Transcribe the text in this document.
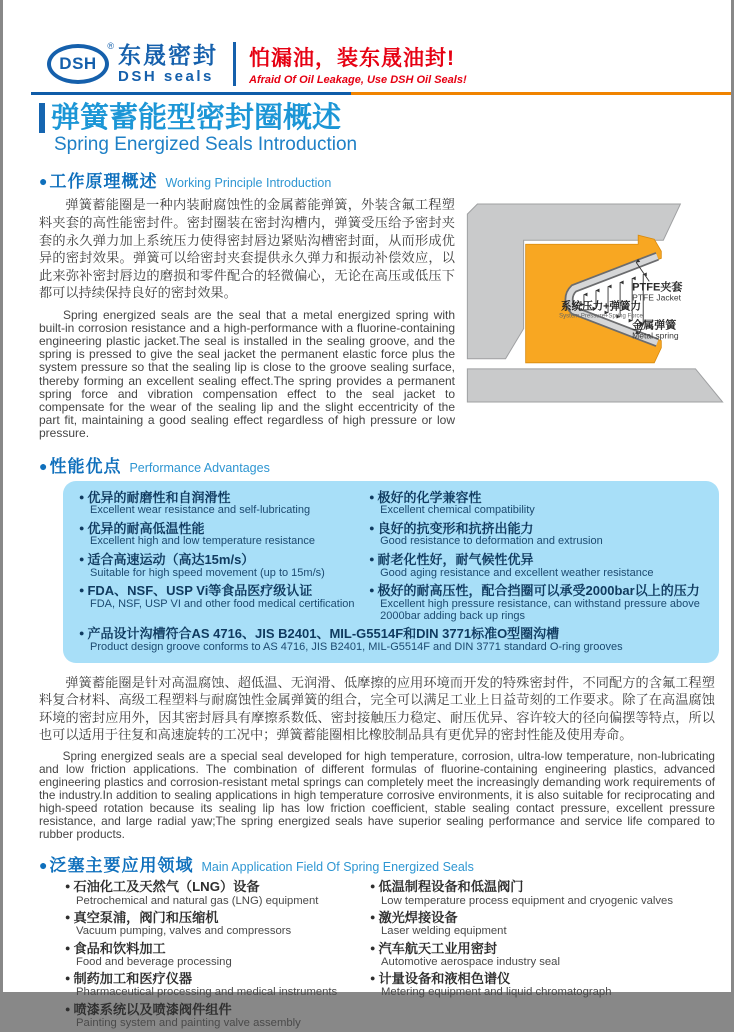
DSH
® 东晟密封
DSH seals
怕漏油，装东晟油封!
Afraid Of Oil Leakage, Use DSH Oil Seals!
弹簧蓄能型密封圈概述
Spring Energized Seals Introduction
● 工作原理概述 Working Principle Introduction

弹簧蓄能圈是一种内装耐腐蚀性的金属蓄能弹簧，外装含氟工程塑料夹套的高性能密封件。密封圈装在密封沟槽内，弹簧受压给予密封夹套的永久弹力加上系统压力使得密封唇边紧贴沟槽密封面，从而形成优异的密封效果。弹簧可以给密封夹套提供永久弹力和振动补偿效应，以此来弥补密封唇边的磨损和零件配合的轻微偏心，无论在高压或低压下都可以持续保持良好的密封效果。

Spring energized seals are the seal that a metal energized spring with built-in corrosion resistance and a high-performance with a fluorine-containing engineering plastic jacket.The seal is installed in the sealing groove, and the spring is pressed to give the seal jacket the permanent elastic force plus the system pressure so that the sealing lip is close to the groove sealing surface, thereby forming an excellent sealing effect.The spring provides a permanent spring force and vibration compensation effect to the seal jacket to compensate for the wear of the sealing lip and the slight eccentricity of the part fit, maintaining a good sealing effect regardless of high pressure or low pressure.

PTFE夹套
PTFE Jacket
系统压力+弹簧力
System Pressure+Spring Force
金属弹簧
Metal spring
● 性能优点 Performance Advantages
● 优异的耐磨性和自润滑性
Excellent wear resistance and self-lubricating
● 极好的化学兼容性
Excellent chemical compatibility
● 优异的耐高低温性能
Excellent high and low temperature resistance
● 良好的抗变形和抗挤出能力
Good resistance to deformation and extrusion
● 适合高速运动（高达15m/s）
Suitable for high speed movement (up to 15m/s)
● 耐老化性好，耐气候性优异
Good aging resistance and excellent weather resistance
● FDA、NSF、USP Vi等食品医疗级认证
FDA, NSF, USP VI and other food medical certification
● 极好的耐高压性，配合挡圈可以承受2000bar以上的压力
Excellent high pressure resistance, can withstand pressure above 2000bar adding back up rings
● 产品设计沟槽符合AS 4716、JIS B2401、MIL-G5514F和DIN 3771标准O型圈沟槽
Product design groove conforms to AS 4716, JIS B2401, MIL-G5514F and DIN 3771 standard O-ring grooves

弹簧蓄能圈是针对高温腐蚀、超低温、无润滑、低摩擦的应用环境而开发的特殊密封件，不同配方的含氟工程塑料复合材料、高级工程塑料与耐腐蚀性金属弹簧的组合，完全可以满足工业上日益苛刻的工作要求。除了在高温腐蚀环境的密封应用外，因其密封唇具有摩擦系数低、密封接触压力稳定、耐压优异、容许较大的径向偏摆等特点，所以也可以适用于往复和高速旋转的工况中；弹簧蓄能圈相比橡胶制品具有更优异的密封性能及使用寿命。

Spring energized seals are a special seal developed for high temperature, corrosion, ultra-low temperature, non-lubricating and low friction applications. The combination of different formulas of fluorine-containing engineering plastics, advanced engineering plastics and corrosion-resistant metal springs can completely meet the increasingly demanding work requirements of the industry.In addition to sealing applications in high temperature corrosive environments, it is also suitable for reciprocating and high-speed rotation because its sealing lip has low friction coefficient, stable sealing contact pressure, excellent pressure resistance, and large radial yaw;The spring energized seals have superior sealing performance and service life compared to rubber products.

● 泛塞主要应用领域 Main Application Field Of Spring Energized Seals
● 石油化工及天然气（LNG）设备
Petrochemical and natural gas (LNG) equipment
● 真空泵浦，阀门和压缩机
Vacuum pumping, valves and compressors
● 食品和饮料加工
Food and beverage processing
● 制药加工和医疗仪器
Pharmaceutical processing and medical instruments
● 喷漆系统以及喷漆阀件组件
Painting system and painting valve assembly
● 低温制程设备和低温阀门
Low temperature process equipment and cryogenic valves
● 激光焊接设备
Laser welding equipment
● 汽车航天工业用密封
Automotive aerospace industry seal
● 计量设备和液相色谱仪
Metering equipment and liquid chromatograph
